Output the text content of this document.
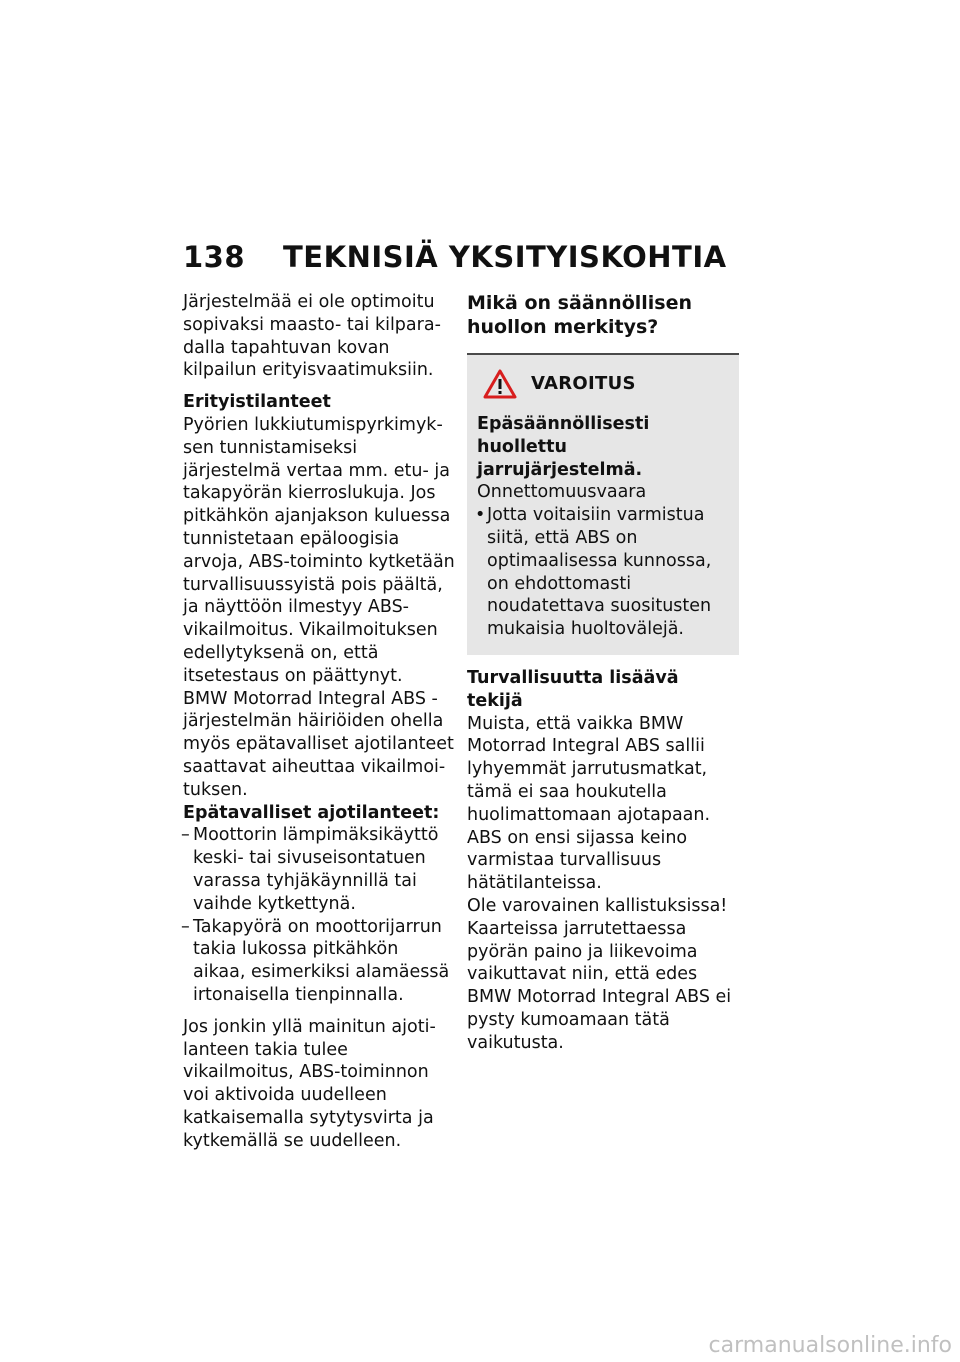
138	TEKNISIÄ YKSITYISKOHTIA

Järjestelmää ei ole optimoitu sopivaksi maasto- tai kilparadalla tapahtuvan kovan kilpailun erityisvaatimuksiin.

Erityistilanteet

Pyörien lukkiutumispyrkimyksen tunnistamiseksi järjestelmä vertaa mm. etu- ja takapyörän kierroslukuja. Jos pitkähkön ajanjakson kuluessa tunnistetaan epäloogisia arvoja, ABS-toiminto kytketään turvallisuussyistä pois päältä, ja näyttöön ilmestyy ABS-vikailmoitus. Vikailmoituksen edellytyksenä on, että itsetestaus on päättynyt.

BMW Motorrad Integral ABS -järjestelmän häiriöiden ohella myös epätavalliset ajotilanteet saattavat aiheuttaa vikailmoituksen.

Epätavalliset ajotilanteet:

– Moottorin lämpimäksikäyttö keski- tai sivuseisontatuen varassa tyhjäkäynnillä tai vaihde kytkettynä.

– Takapyörä on moottorijarrun takia lukossa pitkähkön aikaa, esimerkiksi alamäessä irtonaisella tienpinnalla.

Jos jonkin yllä mainitun ajotilanteen takia tulee vikailmoitus, ABS-toiminnon voi aktivoida uudelleen katkaisemalla sytytysvirta ja kytkemällä se uudelleen.

Mikä on säännöllisen huollon merkitys?

VAROITUS

Epäsäännöllisesti huollettu jarrujärjestelmä.

Onnettomuusvaara

• Jotta voitaisiin varmistua siitä, että ABS on optimaalisessa kunnossa, on ehdottomasti noudatettava suositusten mukaisia huoltovälejä.

Turvallisuutta lisäävä tekijä

Muista, että vaikka BMW Motorrad Integral ABS sallii lyhyemmät jarrutusmatkat, tämä ei saa houkutella huolimattomaan ajotapaan. ABS on ensi sijassa keino varmistaa turvallisuus hätätilanteissa.

Ole varovainen kallistuksissa!

Kaarteissa jarrutettaessa pyörän paino ja liikevoima vaikuttavat niin, että edes BMW Motorrad Integral ABS ei pysty kumoamaan tätä vaikutusta.

carmanualsonline.info
